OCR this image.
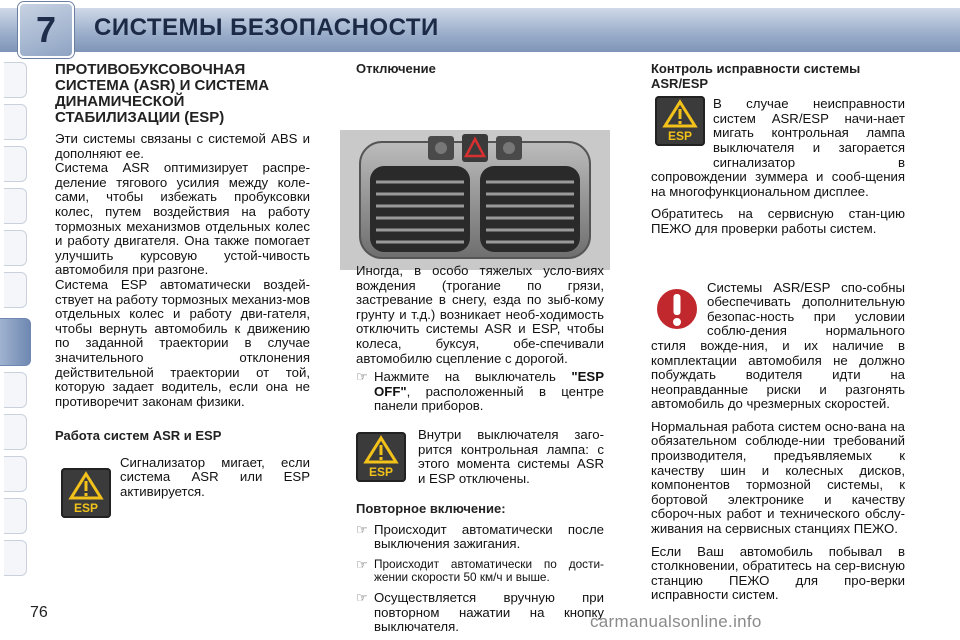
7	СИСТЕМЫ БЕЗОПАСНОСТИ
ПРОТИВОБУКСОВОЧНАЯ СИСТЕМА (ASR) И СИСТЕМА ДИНАМИЧЕСКОЙ СТАБИЛИЗАЦИИ (ESP)

Эти системы связаны с системой ABS и дополняют ее.

Система ASR оптимизирует распре-деление тягового усилия между коле-сами, чтобы избежать пробуксовки колес, путем воздействия на работу тормозных механизмов отдельных колес и работу двигателя. Она также помогает улучшить курсовую устой-чивость автомобиля при разгоне.

Система ESP автоматически воздей-ствует на работу тормозных механиз-мов отдельных колес и работу дви-гателя, чтобы вернуть автомобиль к движению по заданной траектории в случае значительного отклонения действительной траектории от той, которую задает водитель, если она не противоречит законам физики.

Работа систем ASR и ESP
ESP

Сигнализатор мигает, если система ASR или ESP активируется.

Отключение

Иногда, в особо тяжелых усло-виях вождения (трогание по грязи, застревание в снегу, езда по зыб-кому грунту и т.д.) возникает необ-ходимость отключить системы ASR и ESP, чтобы колеса, буксуя, обе-спечивали автомобилю сцепление с дорогой.

☞ Нажмите на выключатель "ESP OFF", расположенный в центре панели приборов.

ESP

Внутри выключателя заго-рится контрольная лампа: с этого момента системы ASR и ESP отключены.

Повторное включение:
☞ Происходит автоматически после выключения зажигания.

☞ Происходит автоматически по дости-жении скорости 50 км/ч и выше.

☞ Осуществляется вручную при повторном нажатии на кнопку выключателя.

Контроль исправности системы ASR/ESP
ESP

В случае неисправности систем ASR/ESP начи-нает мигать контрольная лампа выключателя и загорается сигнализатор в сопровождении зуммера и сооб-щения на многофункциональном дисплее.

Обратитесь на сервисную стан-цию ПЕЖО для проверки работы систем.

Системы ASR/ESP спо-собны обеспечивать дополнительную безопас-ность при условии соблю-дения нормального стиля вожде-ния, и их наличие в комплектации автомобиля не должно побуждать водителя идти на неоправданные риски и разгонять автомобиль до чрезмерных скоростей.

Нормальная работа систем осно-вана на обязательном соблюде-нии требований производителя, предъявляемых к качеству шин и колесных дисков, компонентов тормозной системы, к бортовой электронике и качеству сбороч-ных работ и технического обслу-живания на сервисных станциях ПЕЖО.

Если Ваш автомобиль побывал в столкновении, обратитесь на сер-висную станцию ПЕЖО для про-верки исправности систем.

76	carmanualsonline.info
